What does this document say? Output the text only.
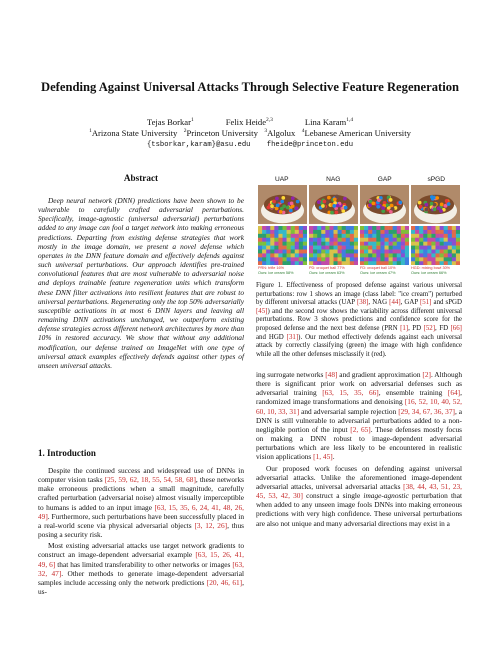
Defending Against Universal Attacks Through Selective Feature Regeneration
Tejas Borkar$^1$	Felix Heide$^{2,3}$	Lina Karam$^{1,4}$
$^1$Arizona State University $^2$Princeton University $^3$Algolux $^4$Lebanese American University
{tsborkar,karam}@asu.edu fheide@princeton.edu
Abstract

Deep neural network (DNN) predictions have been shown to be vulnerable to carefully crafted adversarial perturbations. Specifically, image-agnostic (universal adversarial) perturbations added to any image can fool a target network into making erroneous predictions. Departing from existing defense strategies that work mostly in the image domain, we present a novel defense which operates in the DNN feature domain and effectively defends against such universal perturbations. Our approach identifies pre-trained convolutional features that are most vulnerable to adversarial noise and deploys trainable feature regeneration units which transform these DNN filter activations into resilient features that are robust to universal perturbations. Regenerating only the top 50% adversarially susceptible activations in at most 6 DNN layers and leaving all remaining DNN activations unchanged, we outperform existing defense strategies across different network architectures by more than 10% in restored accuracy. We show that without any additional modification, our defense trained on ImageNet with one type of universal attack examples effectively defends against other types of unseen universal attacks.

1. Introduction

Despite the continued success and widespread use of DNNs in computer vision tasks [25, 59, 62, 18, 55, 54, 58, 68], these networks make erroneous predictions when a small magnitude, carefully crafted perturbation (adversarial noise) almost visually imperceptible to humans is added to an input image [63, 15, 35, 6, 24, 41, 48, 26, 49]. Furthermore, such perturbations have been successfully placed in a real-world scene via physical adversarial objects [3, 12, 26], thus posing a security risk.

Most existing adversarial attacks use target network gradients to construct an image-dependent adversarial example [63, 15, 26, 41, 49, 6] that has limited transferability to other networks or images [63, 32, 47]. Other methods to generate image-dependent adversarial samples include accessing only the network predictions [20, 46, 61], us-

UAP	NAG	GAP	sPGD
PRN: trifle 16%
Ours: ice cream 58%
PD: croquet ball 77%
Ours: ice cream 63%
FD: croquet ball 10%
Ours: ice cream 47%
HGD: mixing bowl 30%
Ours: ice cream 66%
Figure 1. Effectiveness of proposed defense against various universal perturbations: row 1 shows an image (class label: "ice cream") perturbed by different universal attacks (UAP [38], NAG [44], GAP [51] and sPGD [45]) and the second row shows the variability across different universal perturbations. Row 3 shows predictions and confidence score for the proposed defense and the next best defense (PRN [1], PD [52], FD [66] and HGD [31]). Our method effectively defends against each universal attack by correctly classifying (green) the image with high confidence while all the other defenses misclassify it (red).

ing surrogate networks [48] and gradient approximation [2]. Although there is significant prior work on adversarial defenses such as adversarial training [63, 15, 35, 66], ensemble training [64], randomized image transformations and denoising [16, 52, 10, 40, 52, 60, 10, 33, 31] and adversarial sample rejection [29, 34, 67, 36, 37], a DNN is still vulnerable to adversarial perturbations added to a non-negligible portion of the input [2, 65]. These defenses mostly focus on making a DNN robust to image-dependent adversarial perturbations which are less likely to be encountered in realistic vision applications [1, 45].

Our proposed work focuses on defending against universal adversarial attacks. Unlike the aforementioned image-dependent adversarial attacks, universal adversarial attacks [38, 44, 43, 51, 23, 45, 53, 42, 30] construct a single image-agnostic perturbation that when added to any unseen image fools DNNs into making erroneous predictions with very high confidence. These universal perturbations are also not unique and many adversarial directions may exist in a
